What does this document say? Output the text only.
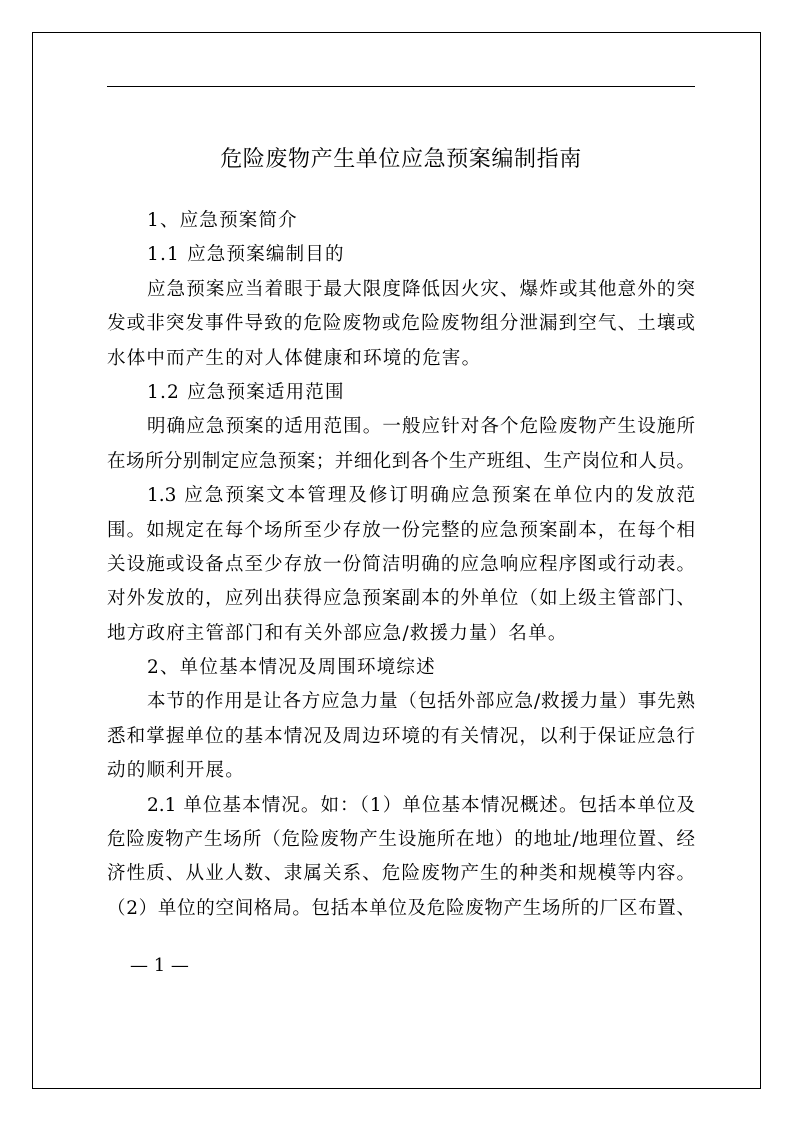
危险废物产生单位应急预案编制指南
1、应急预案简介
1.1 应急预案编制目的
应急预案应当着眼于最大限度降低因火灾、爆炸或其他意外的突
发或非突发事件导致的危险废物或危险废物组分泄漏到空气、土壤或
水体中而产生的对人体健康和环境的危害。
1.2 应急预案适用范围
明确应急预案的适用范围。一般应针对各个危险废物产生设施所
在场所分别制定应急预案；并细化到各个生产班组、生产岗位和人员。
1.3 应急预案文本管理及修订明确应急预案在单位内的发放范
围。如规定在每个场所至少存放一份完整的应急预案副本，在每个相
关设施或设备点至少存放一份简洁明确的应急响应程序图或行动表。
对外发放的，应列出获得应急预案副本的外单位（如上级主管部门、
地方政府主管部门和有关外部应急/救援力量）名单。
2、单位基本情况及周围环境综述
本节的作用是让各方应急力量（包括外部应急/救援力量）事先熟
悉和掌握单位的基本情况及周边环境的有关情况，以利于保证应急行
动的顺利开展。
2.1 单位基本情况。如：（1）单位基本情况概述。包括本单位及
危险废物产生场所（危险废物产生设施所在地）的地址/地理位置、经
济性质、从业人数、隶属关系、危险废物产生的种类和规模等内容。
（2）单位的空间格局。包括本单位及危险废物产生场所的厂区布置、
— 1 —
